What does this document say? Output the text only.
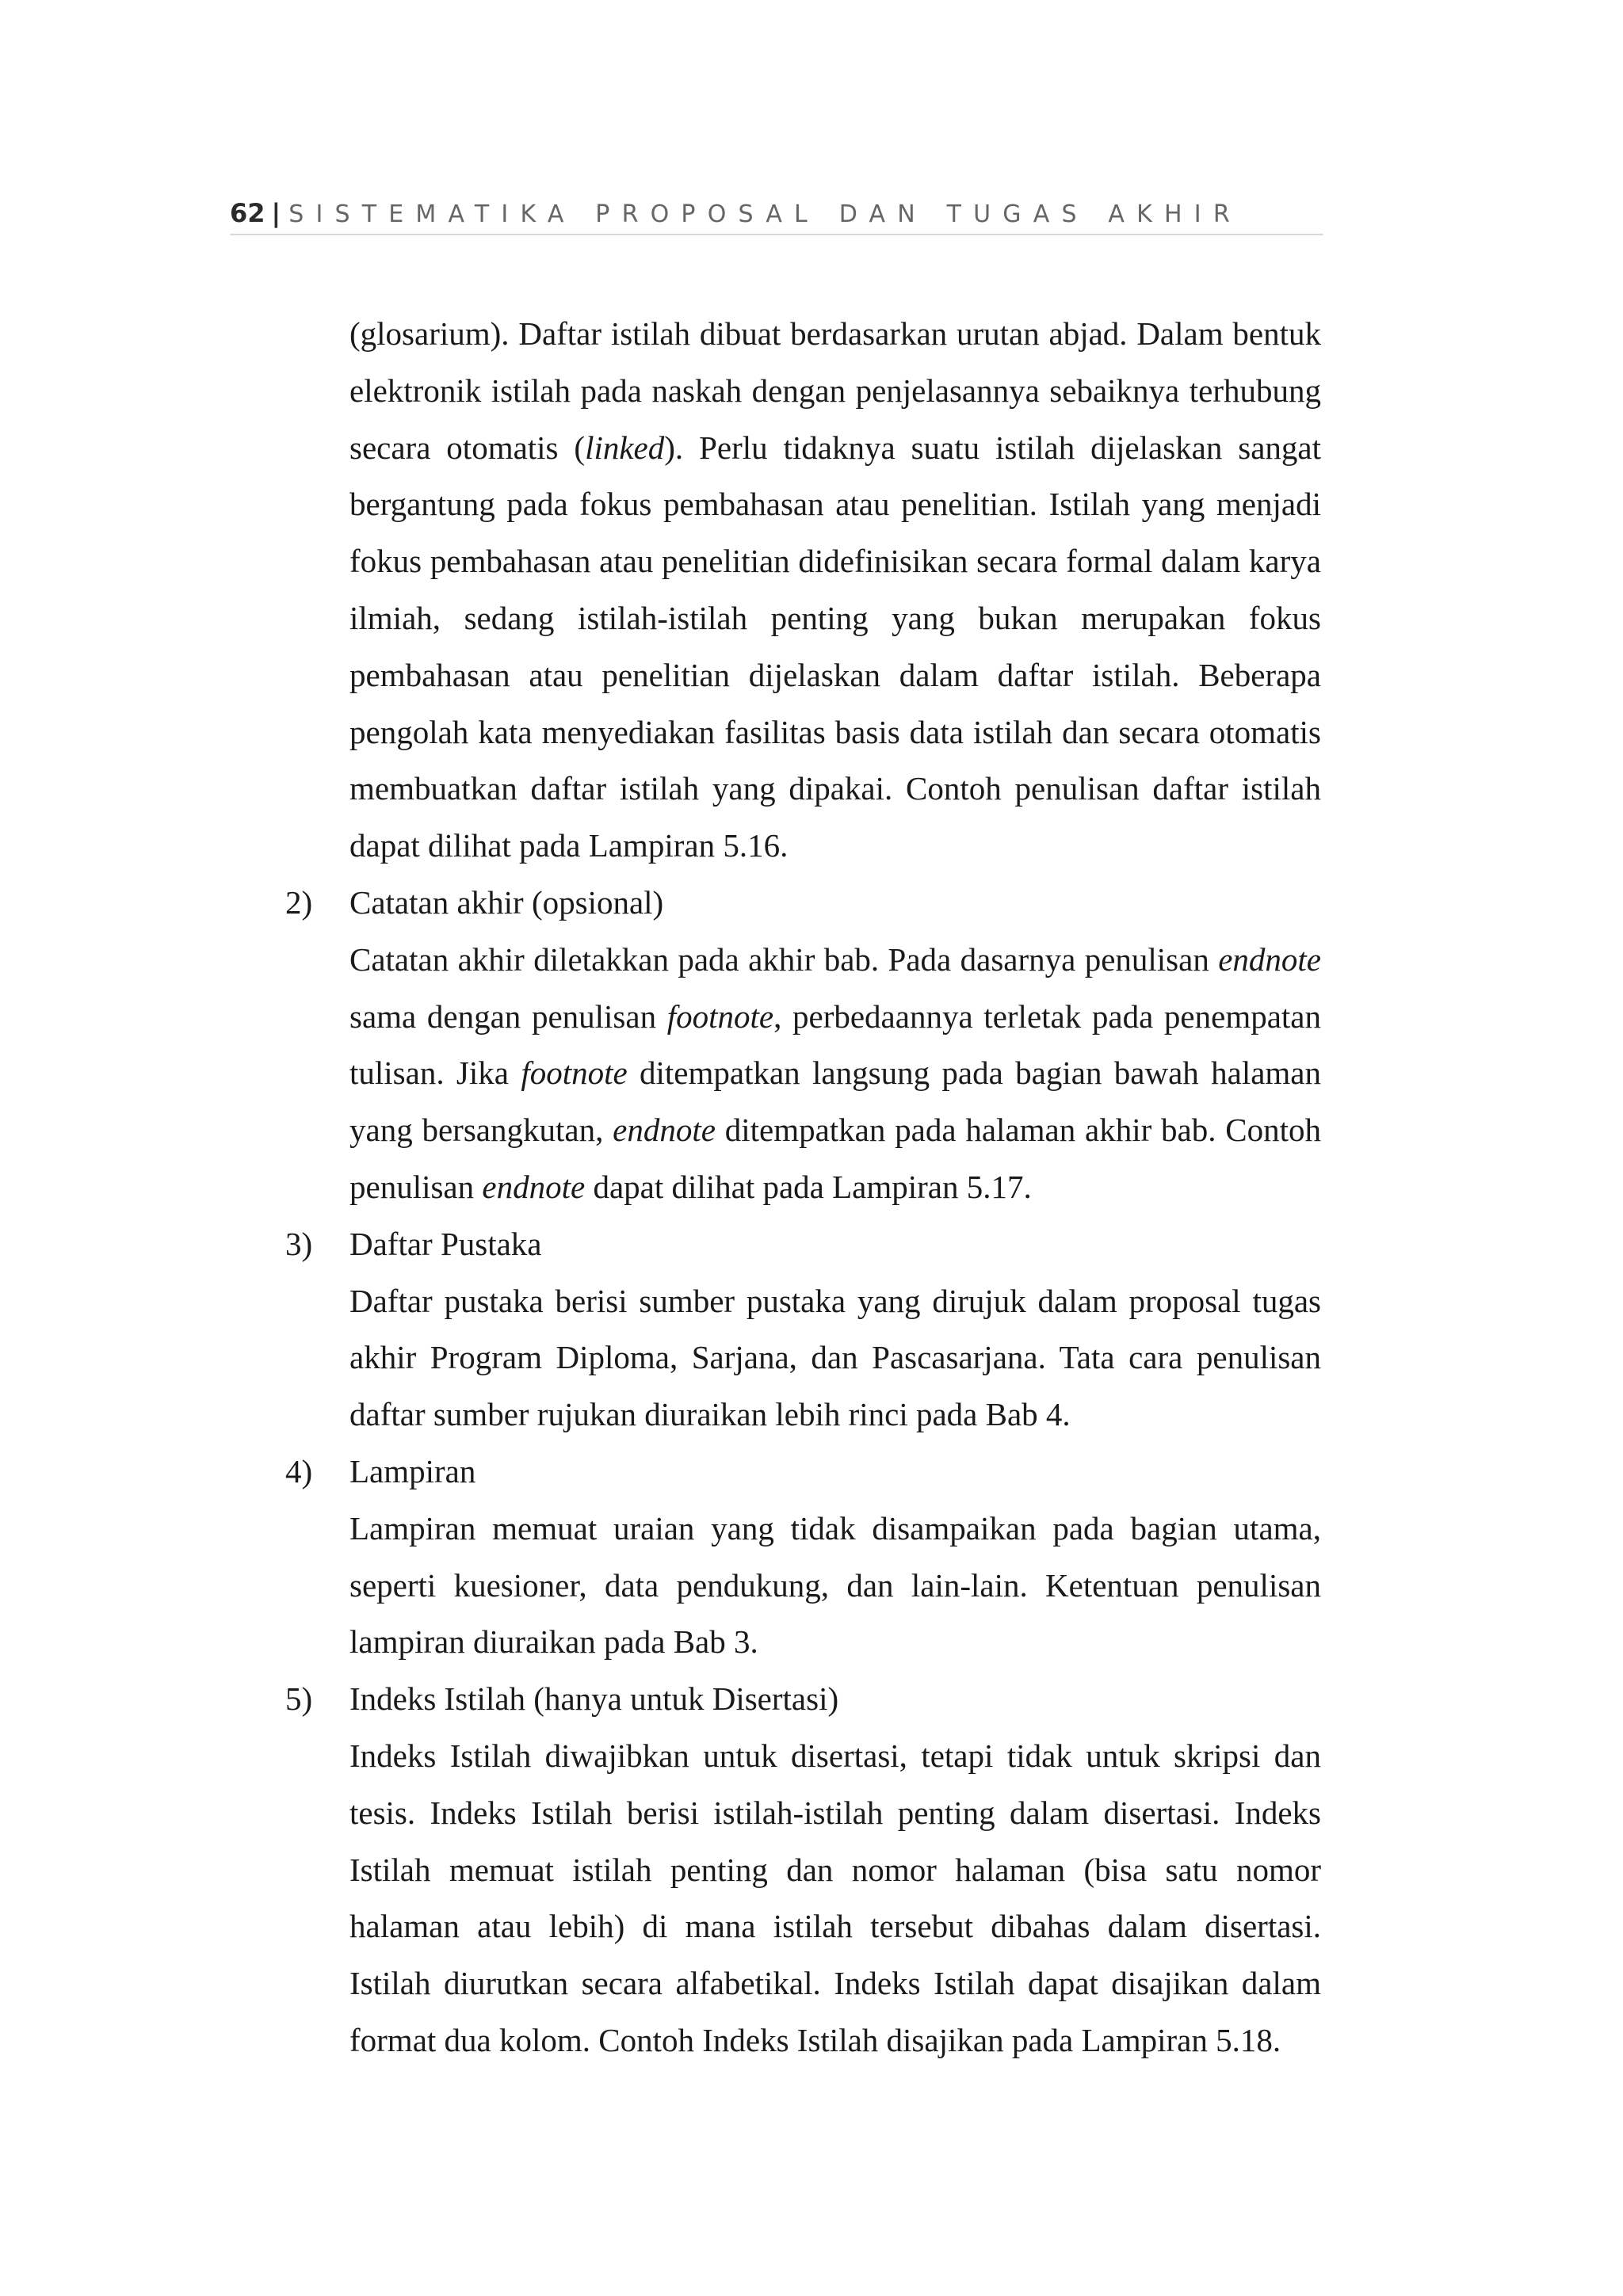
62 | SISTEMATIKA PROPOSAL DAN TUGAS AKHIR

(glosarium). Daftar istilah dibuat berdasarkan urutan abjad. Dalam bentuk elektronik istilah pada naskah dengan penjelasannya sebaiknya terhubung secara otomatis (linked). Perlu tidaknya suatu istilah dijelaskan sangat bergantung pada fokus pembahasan atau penelitian. Istilah yang menjadi fokus pembahasan atau penelitian didefinisikan secara formal dalam karya ilmiah, sedang istilah-istilah penting yang bukan merupakan fokus pembahasan atau penelitian dijelaskan dalam daftar istilah. Beberapa pengolah kata menyediakan fasilitas basis data istilah dan secara otomatis membuatkan daftar istilah yang dipakai. Contoh penulisan daftar istilah dapat dilihat pada Lampiran 5.16.

2) Catatan akhir (opsional)

Catatan akhir diletakkan pada akhir bab. Pada dasarnya penulisan endnote sama dengan penulisan footnote, perbedaannya terletak pada penempatan tulisan. Jika footnote ditempatkan langsung pada bagian bawah halaman yang bersangkutan, endnote ditempatkan pada halaman akhir bab. Contoh penulisan endnote dapat dilihat pada Lampiran 5.17.

3) Daftar Pustaka

Daftar pustaka berisi sumber pustaka yang dirujuk dalam proposal tugas akhir Program Diploma, Sarjana, dan Pascasarjana. Tata cara penulisan daftar sumber rujukan diuraikan lebih rinci pada Bab 4.

4) Lampiran

Lampiran memuat uraian yang tidak disampaikan pada bagian utama, seperti kuesioner, data pendukung, dan lain-lain. Ketentuan penulisan lampiran diuraikan pada Bab 3.

5) Indeks Istilah (hanya untuk Disertasi)

Indeks Istilah diwajibkan untuk disertasi, tetapi tidak untuk skripsi dan tesis. Indeks Istilah berisi istilah-istilah penting dalam disertasi. Indeks Istilah memuat istilah penting dan nomor halaman (bisa satu nomor halaman atau lebih) di mana istilah tersebut dibahas dalam disertasi. Istilah diurutkan secara alfabetikal. Indeks Istilah dapat disajikan dalam format dua kolom. Contoh Indeks Istilah disajikan pada Lampiran 5.18.
